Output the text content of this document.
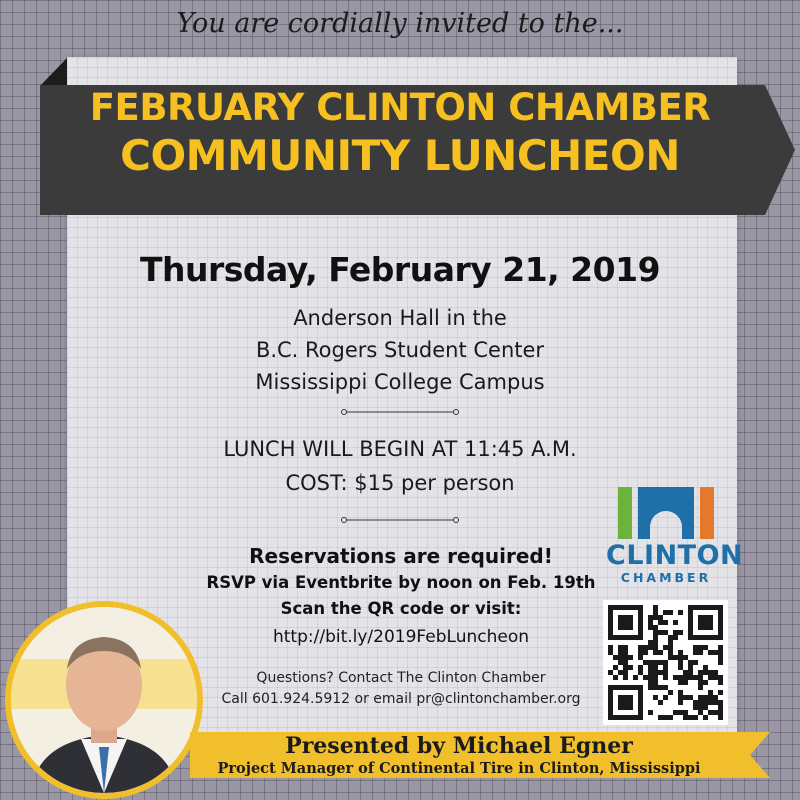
You are cordially invited to the...
FEBRUARY CLINTON CHAMBER
COMMUNITY LUNCHEON
Thursday, February 21, 2019
Anderson Hall in the
B.C. Rogers Student Center
Mississippi College Campus
LUNCH WILL BEGIN AT 11:45 A.M.
COST: $15 per person
Reservations are required!
RSVP via Eventbrite by noon on Feb. 19th
Scan the QR code or visit:
http://bit.ly/2019FebLuncheon
Questions? Contact The Clinton Chamber
Call 601.924.5912 or email pr@clintonchamber.org
CLINTON
CHAMBER
Presented by Michael Egner
Project Manager of Continental Tire in Clinton, Mississippi
